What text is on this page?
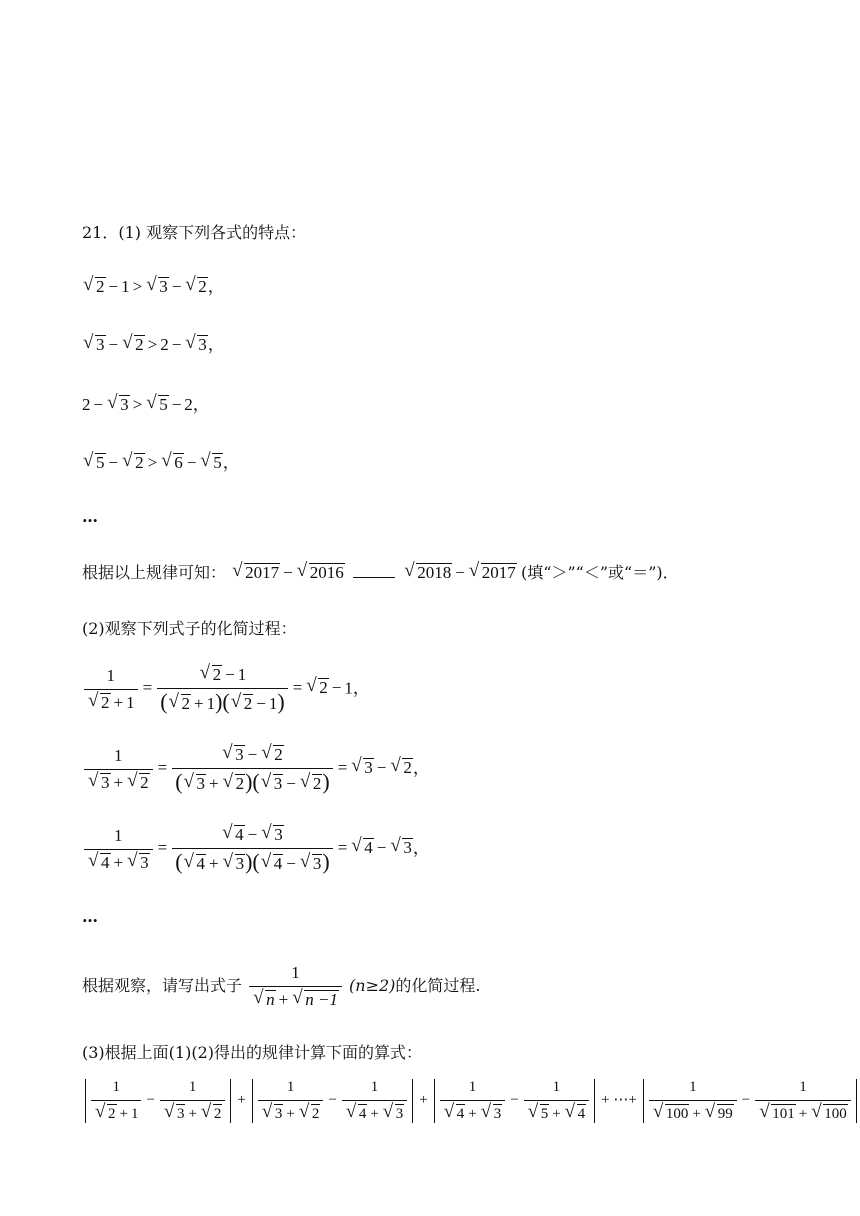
21．(1) 观察下列各式的特点：
√ 2 − 1 > √ 3 − √ 2，
√ 3 − √ 2 > 2 − √ 3，
2 − √ 3 > √ 5 − 2，
√ 5 − √ 2 > √ 6 − √ 5，
…
根据以上规律可知： √ 2017 − √ 2016	√ 2018 − √ 2017 (填“＞”“＜”或“＝”)．
(2)观察下列式子的化简过程：
1
√ 2 + 1 = √ $\frac{2 - 1}{( √ 2 + 1)( √ 2 - 1)}$ = √ 2 − 1，
1
√ 3 + √ 2 = √ $\frac{3 - √ 2}{( √ 3 + √ 2)( √ 3 - √ 2)}$ = √ 3 − √ 2，
1
√ 4 + √ 3 = √ $\frac{4 - √ 3}{( √ 4 + √ 3)( √ 4 - √ 3)}$ = √ 4 − √ 3，
…
根据观察，请写出式子 1
√ n + √ n −1 (n≥2)的化简过程.
(3)根据上面(1)(2)得出的规律计算下面的算式：
1
√ 2 + 1 − 1
√ 3 + √ 2 + 1
√ 3 + √ 2 − 1
√ 4 + √ 3 + 1
√ 4 + √ 3 − 1
√ 5 + √ 4 + ⋯+ 1
√ 100 + √ 99 − 1
√ 101 + √ 100
